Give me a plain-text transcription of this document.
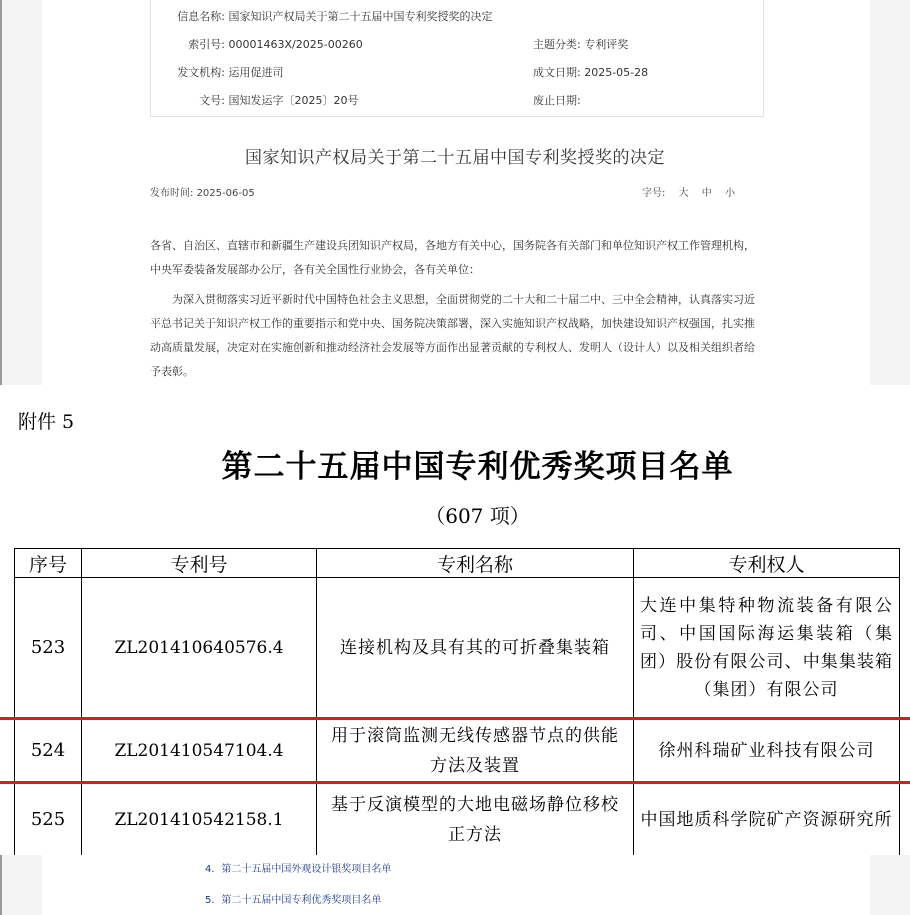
信息名称: 国家知识产权局关于第二十五届中国专利奖授奖的决定
索引号: 00001463X/2025-00260	主题分类: 专利评奖
发文机构: 运用促进司	成文日期: 2025-05-28
文号: 国知发运字〔2025〕20号	废止日期:
国家知识产权局关于第二十五届中国专利奖授奖的决定
发布时间: 2025-06-05	字号: 大 中 小

各省、自治区、直辖市和新疆生产建设兵团知识产权局，各地方有关中心，国务院各有关部门和单位知识产权工作管理机构，中央军委装备发展部办公厅，各有关全国性行业协会，各有关单位：

为深入贯彻落实习近平新时代中国特色社会主义思想，全面贯彻党的二十大和二十届二中、三中全会精神，认真落实习近平总书记关于知识产权工作的重要指示和党中央、国务院决策部署，深入实施知识产权战略，加快建设知识产权强国，扎实推动高质量发展，决定对在实施创新和推动经济社会发展等方面作出显著贡献的专利权人、发明人（设计人）以及相关组织者给予表彰。

附件 5
第二十五届中国专利优秀奖项目名单
（607 项）
序号	专利号	专利名称	专利权人
523	ZL201410640576.4	连接机构及具有其的可折叠集装箱	大连中集特种物流装备有限公司、中国国际海运集装箱（集团）股份有限公司、中集集装箱（集团）有限公司
524	ZL201410547104.4	用于滚筒监测无线传感器节点的供能方法及装置	徐州科瑞矿业科技有限公司
525	ZL201410542158.1	基于反演模型的大地电磁场静位移校正方法	中国地质科学院矿产资源研究所
4．第二十五届中国外观设计银奖项目名单
5．第二十五届中国专利优秀奖项目名单
